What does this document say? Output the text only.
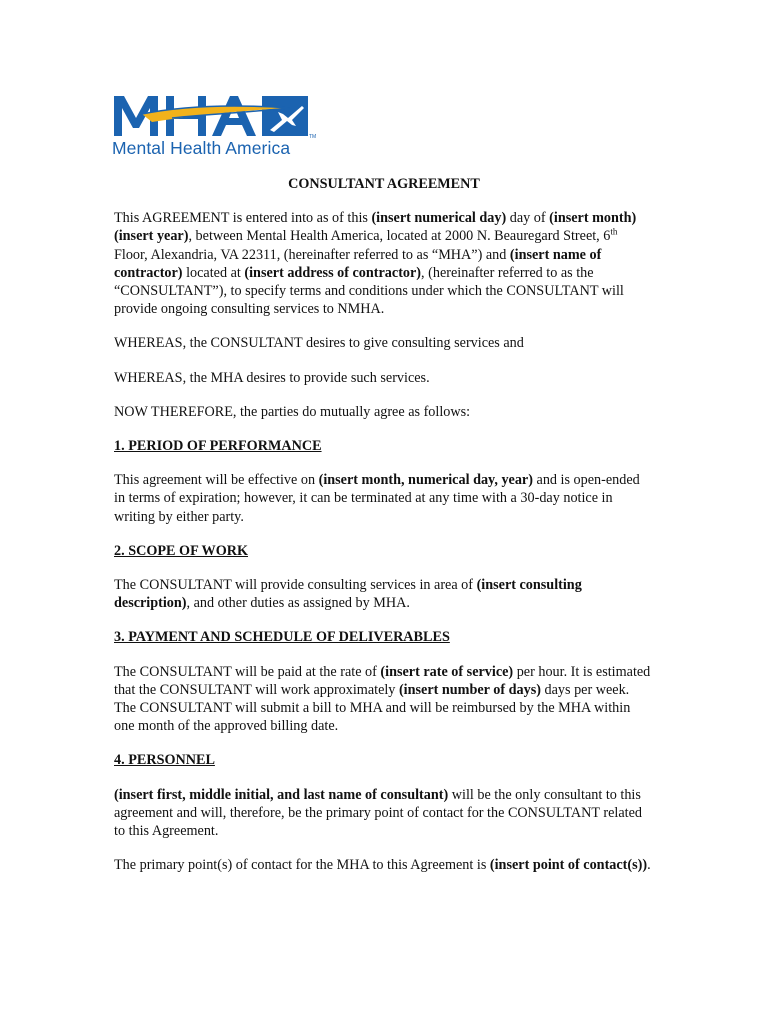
TM
Mental Health America
CONSULTANT AGREEMENT

This AGREEMENT is entered into as of this (insert numerical day) day of (insert month) (insert year), between Mental Health America, located at 2000 N. Beauregard Street, 6th Floor, Alexandria, VA 22311, (hereinafter referred to as “MHA”) and (insert name of contractor) located at (insert address of contractor), (hereinafter referred to as the “CONSULTANT”), to specify terms and conditions under which the CONSULTANT will provide ongoing consulting services to NMHA.

WHEREAS, the CONSULTANT desires to give consulting services and

WHEREAS, the MHA desires to provide such services.

NOW THEREFORE, the parties do mutually agree as follows:

1. PERIOD OF PERFORMANCE

This agreement will be effective on (insert month, numerical day, year) and is open-ended in terms of expiration; however, it can be terminated at any time with a 30-day notice in writing by either party.

2. SCOPE OF WORK

The CONSULTANT will provide consulting services in area of (insert consulting description), and other duties as assigned by MHA.

3. PAYMENT AND SCHEDULE OF DELIVERABLES

The CONSULTANT will be paid at the rate of (insert rate of service) per hour. It is estimated that the CONSULTANT will work approximately (insert number of days) days per week. The CONSULTANT will submit a bill to MHA and will be reimbursed by the MHA within one month of the approved billing date.

4. PERSONNEL

(insert first, middle initial, and last name of consultant) will be the only consultant to this agreement and will, therefore, be the primary point of contact for the CONSULTANT related to this Agreement.

The primary point(s) of contact for the MHA to this Agreement is (insert point of contact(s)).
